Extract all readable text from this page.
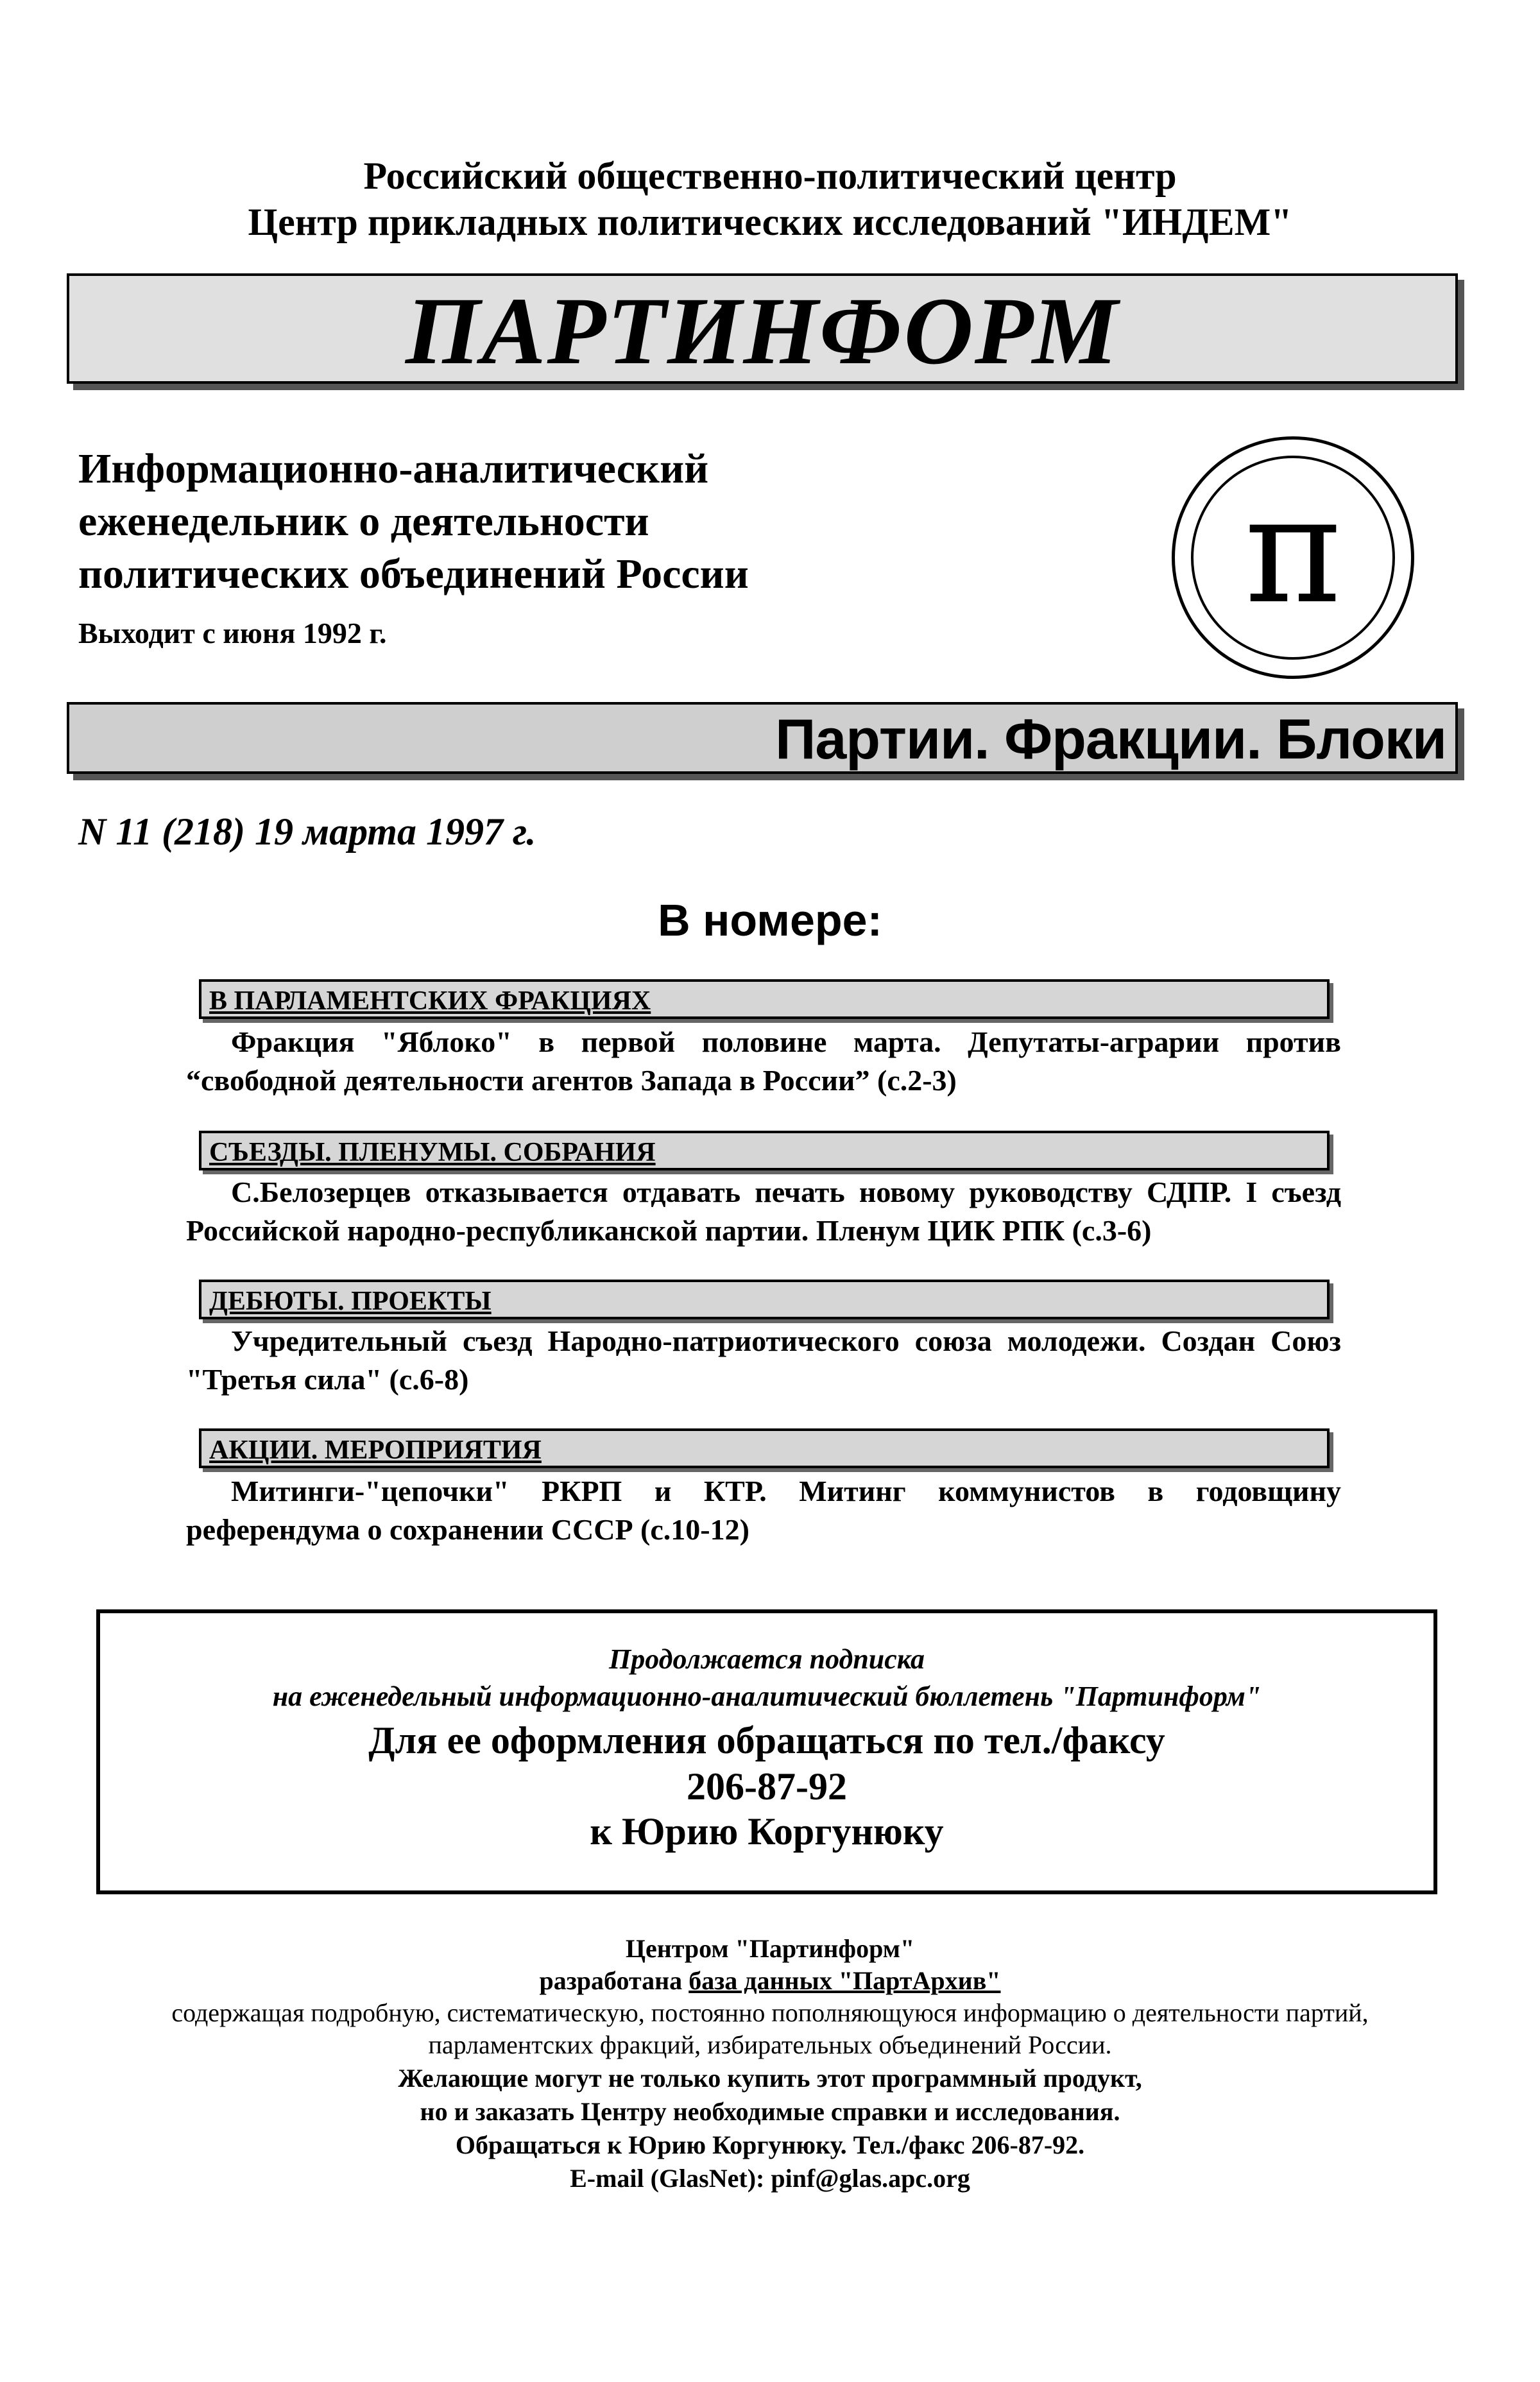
Российский общественно-политический центр
Центр прикладных политических исследований "ИНДЕМ"
ПАРТИНФОРМ
Информационно-аналитический
еженедельник о деятельности
политических объединений России
Выходит с июня 1992 г.	π
Партии. Фракции. Блоки
N 11 (218) 19 марта 1997 г.
В номере:
В ПАРЛАМЕНТСКИХ ФРАКЦИЯХ
Фракция "Яблоко" в первой половине марта. Депутаты-аграрии против “свободной деятельности агентов Запада в России” (с.2-3)
СЪЕЗДЫ. ПЛЕНУМЫ. СОБРАНИЯ
С.Белозерцев отказывается отдавать печать новому руководству СДПР. I съезд Российской народно-республиканской партии. Пленум ЦИК РПК (с.3-6)
ДЕБЮТЫ. ПРОЕКТЫ
Учредительный съезд Народно-патриотического союза молодежи. Создан Союз "Третья сила" (с.6-8)
АКЦИИ. МЕРОПРИЯТИЯ
Митинги-"цепочки" РКРП и КТР. Митинг коммунистов в годовщину референдума о сохранении СССР (с.10-12)
Продолжается подписка
на еженедельный информационно-аналитический бюллетень "Партинформ"
Для ее оформления обращаться по тел./факсу
206-87-92
к Юрию Коргунюку
Центром "Партинформ"
разработана база данных "ПартАрхив"
содержащая подробную, систематическую, постоянно пополняющуюся информацию о деятельности партий,
парламентских фракций, избирательных объединений России.
Желающие могут не только купить этот программный продукт,
но и заказать Центру необходимые справки и исследования.
Обращаться к Юрию Коргунюку. Тел./факс 206-87-92.
E-mail (GlasNet): pinf@glas.apc.org
